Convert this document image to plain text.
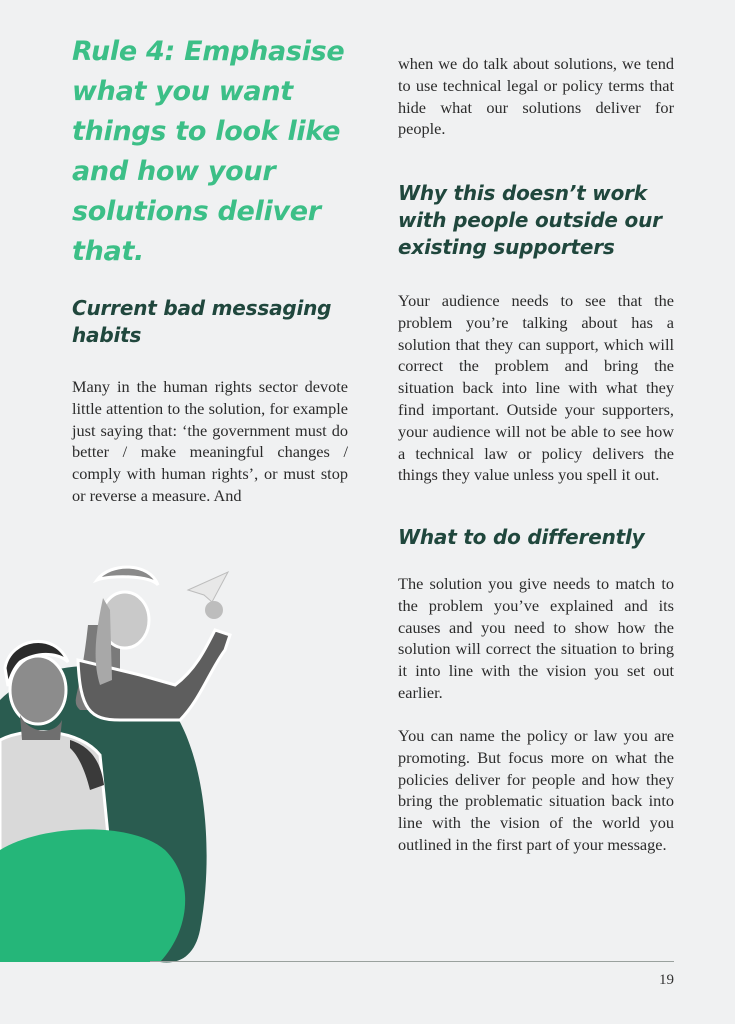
Rule 4: Emphasise what you want things to look like and how your solutions deliver that.
Current bad messaging habits

Many in the human rights sector devote little attention to the solution, for example just saying that: ‘the government must do better / make meaningful changes / comply with human rights’, or must stop or reverse a measure. And

when we do talk about solutions, we tend to use technical legal or policy terms that hide what our solutions deliver for people.

Why this doesn’t work with people outside our existing supporters

Your audience needs to see that the problem you’re talking about has a solution that they can support, which will correct the problem and bring the situation back into line with what they find important. Outside your supporters, your audience will not be able to see how a technical law or policy delivers the things they value unless you spell it out.

What to do differently

The solution you give needs to match to the problem you’ve explained and its causes and you need to show how the solution will correct the situation to bring it into line with the vision you set out earlier.

You can name the policy or law you are promoting. But focus more on what the policies deliver for people and how they bring the problematic situation back into line with the vision of the world you outlined in the first part of your message.

19
